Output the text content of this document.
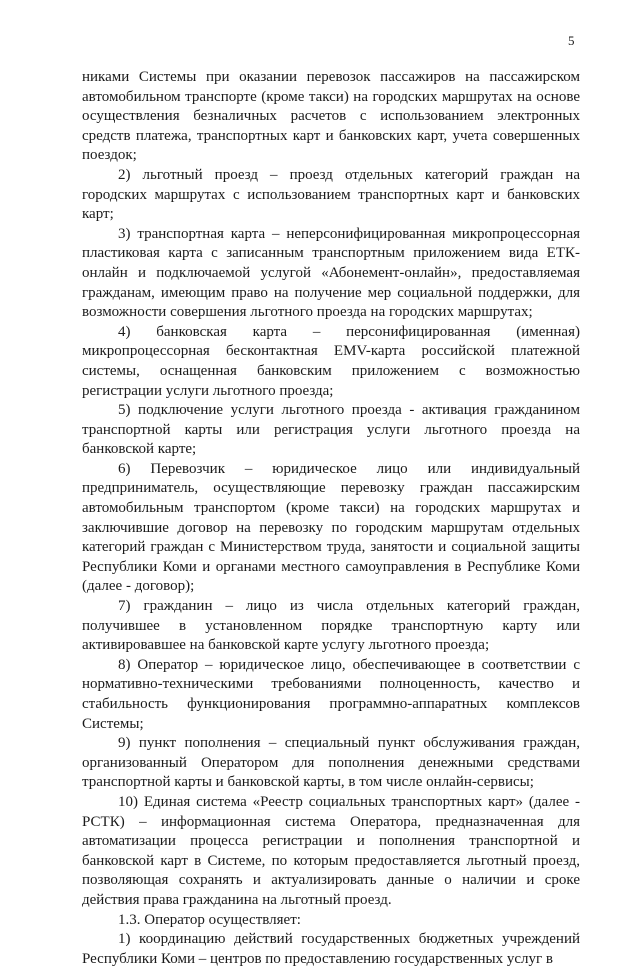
5

никами Системы при оказании перевозок пассажиров на пассажирском автомобильном транспорте (кроме такси) на городских маршрутах на основе осуществления безналичных расчетов с использованием электронных средств платежа, транспортных карт и банковских карт, учета совершенных поездок;

2) льготный проезд – проезд отдельных категорий граждан на городских маршрутах с использованием транспортных карт и банковских карт;

3) транспортная карта – неперсонифицированная микропроцессорная пластиковая карта с записанным транспортным приложением вида ЕТК-онлайн и подключаемой услугой «Абонемент-онлайн», предоставляемая гражданам, имеющим право на получение мер социальной поддержки, для возможности совершения льготного проезда на городских маршрутах;

4) банковская карта – персонифицированная (именная) микропроцессорная бесконтактная EMV-карта российской платежной системы, оснащенная банковским приложением с возможностью регистрации услуги льготного проезда;

5) подключение услуги льготного проезда - активация гражданином транспортной карты или регистрация услуги льготного проезда на банковской карте;

6) Перевозчик – юридическое лицо или индивидуальный предприниматель, осуществляющие перевозку граждан пассажирским автомобильным транспортом (кроме такси) на городских маршрутах и заключившие договор на перевозку по городским маршрутам отдельных категорий граждан с Министерством труда, занятости и социальной защиты Республики Коми и органами местного самоуправления в Республике Коми (далее - договор);

7) гражданин – лицо из числа отдельных категорий граждан, получившее в установленном порядке транспортную карту или активировавшее на банковской карте услугу льготного проезда;

8) Оператор – юридическое лицо, обеспечивающее в соответствии с нормативно-техническими требованиями полноценность, качество и стабильность функционирования программно-аппаратных комплексов Системы;

9) пункт пополнения – специальный пункт обслуживания граждан, организованный Оператором для пополнения денежными средствами транспортной карты и банковской карты, в том числе онлайн-сервисы;

10) Единая система «Реестр социальных транспортных карт» (далее - РСТК) – информационная система Оператора, предназначенная для автоматизации процесса регистрации и пополнения транспортной и банковской карт в Системе, по которым предоставляется льготный проезд, позволяющая сохранять и актуализировать данные о наличии и сроке действия права гражданина на льготный проезд.

1.3. Оператор осуществляет:

1) координацию действий государственных бюджетных учреждений Республики Коми – центров по предоставлению государственных услуг в
